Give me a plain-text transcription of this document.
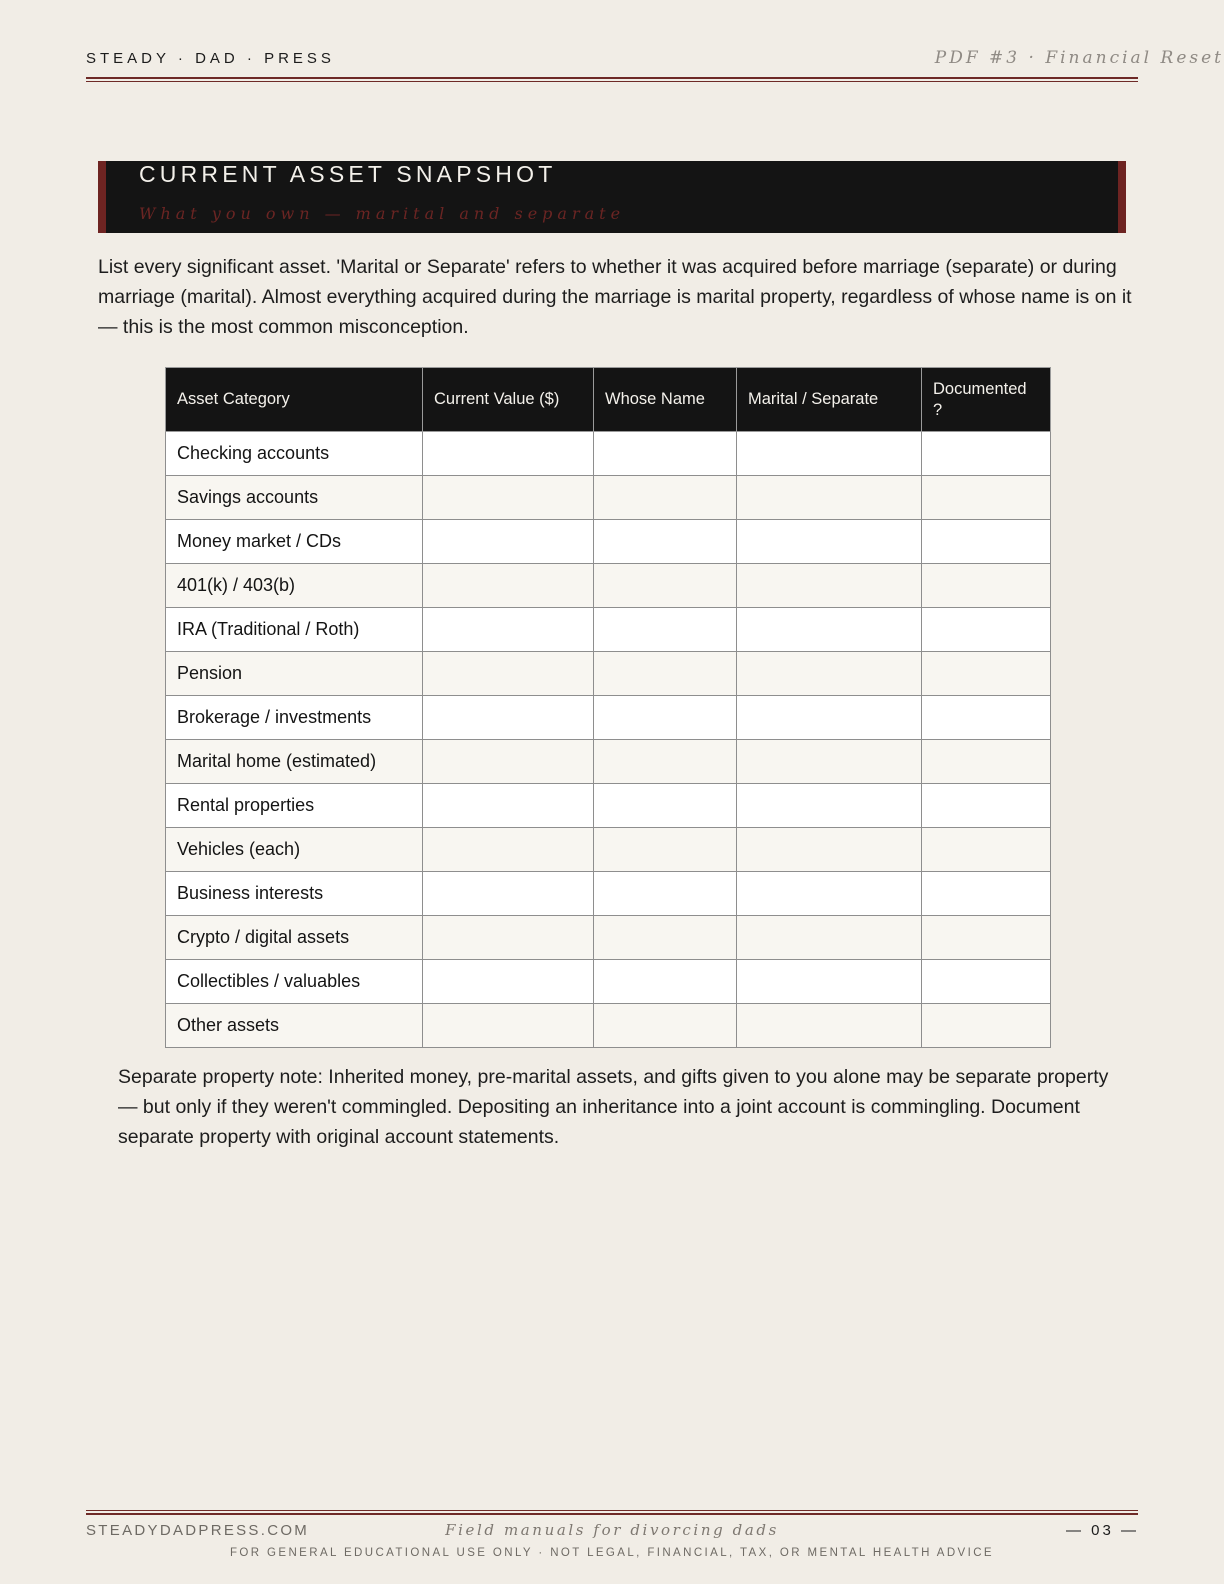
STEADY · DAD · PRESS	PDF #3 · Financial Reset
CURRENT ASSET SNAPSHOT
What you own — marital and separate

List every significant asset. 'Marital or Separate' refers to whether it was acquired before marriage (separate) or during marriage (marital). Almost everything acquired during the marriage is marital property, regardless of whose name is on it — this is the most common misconception.

Asset Category	Current Value ($)	Whose Name	Marital / Separate	Documented ?
Checking accounts				
Savings accounts				
Money market / CDs				
401(k) / 403(b)				
IRA (Traditional / Roth)				
Pension				
Brokerage / investments				
Marital home (estimated)				
Rental properties				
Vehicles (each)				
Business interests				
Crypto / digital assets				
Collectibles / valuables				
Other assets				

Separate property note: Inherited money, pre-marital assets, and gifts given to you alone may be separate property — but only if they weren't commingled. Depositing an inheritance into a joint account is commingling. Document separate property with original account statements.

STEADYDADPRESS.COM	Field manuals for divorcing dads	— 03 —
FOR GENERAL EDUCATIONAL USE ONLY · NOT LEGAL, FINANCIAL, TAX, OR MENTAL HEALTH ADVICE
